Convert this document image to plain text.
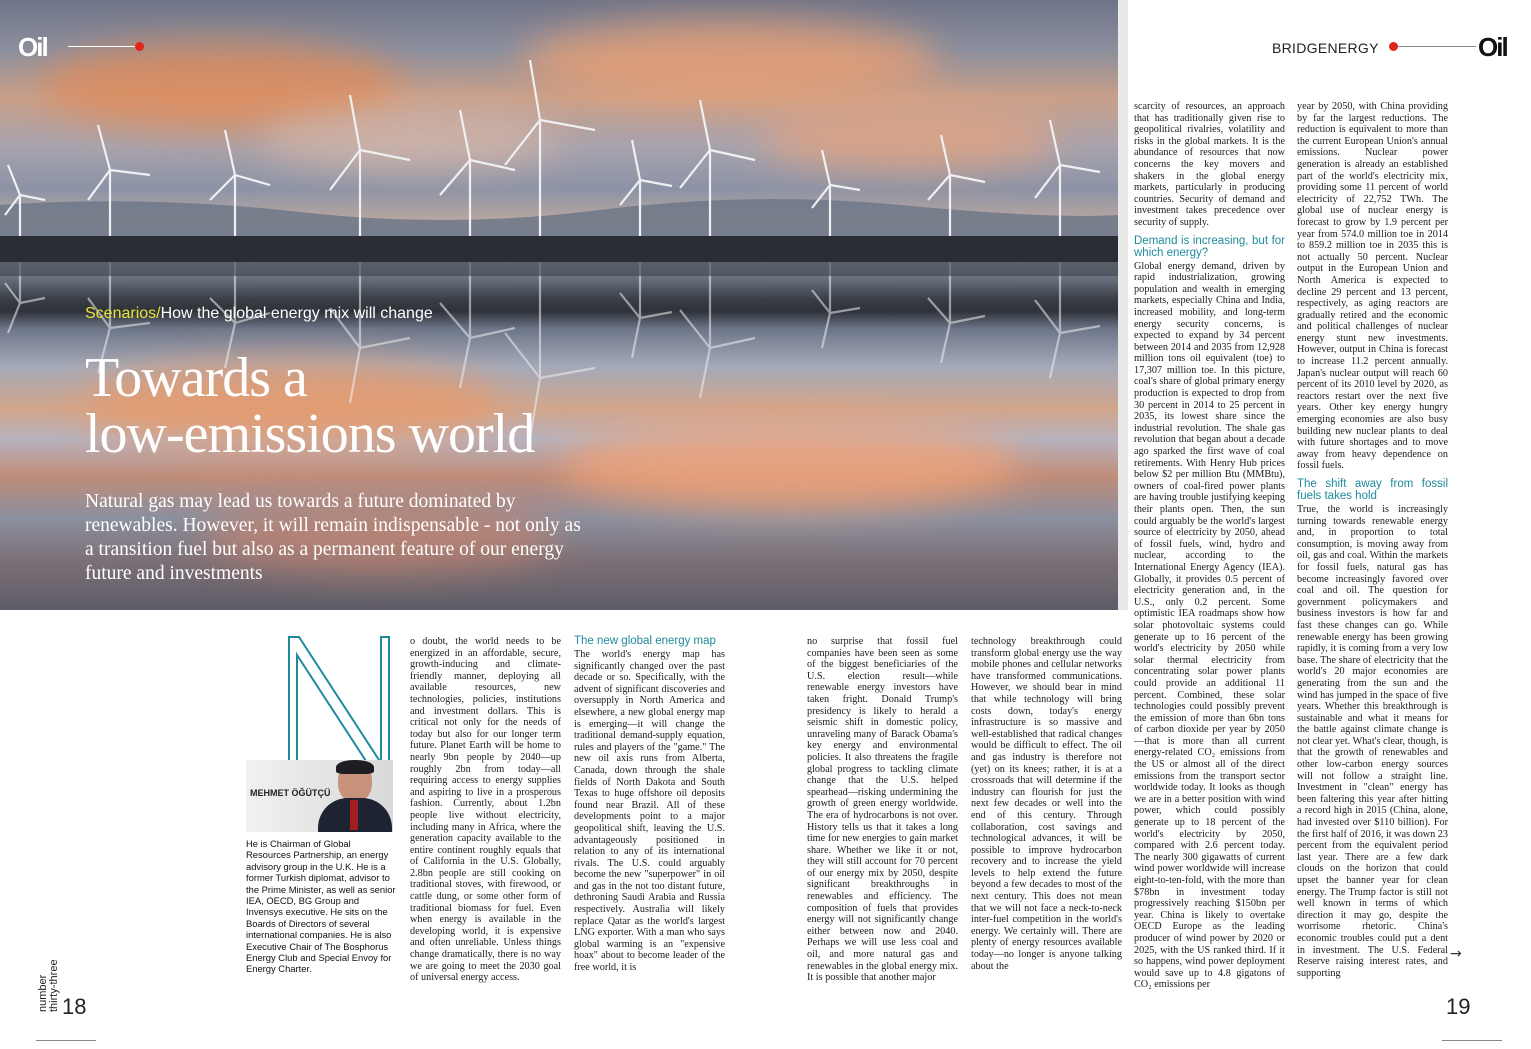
Scenarios/How the global energy mix will change
Towards a
low-emissions world
Natural gas may lead us towards a future dominated by renewables. However, it will remain indispensable - not only as a transition fuel but also as a permanent feature of our energy future and investments
Oil	BRIDGENERGY	Oil
MEHMET ÖĞÜTÇÜ
He is Chairman of Global Resources Partnership, an energy advisory group in the U.K. He is a former Turkish diplomat, advisor to the Prime Minister, as well as senior IEA, OECD, BG Group and Invensys executive. He sits on the Boards of Directors of several international companies. He is also Executive Chair of The Bosphorus Energy Club and Special Envoy for Energy Charter.

o doubt, the world needs to be energized in an affordable, secure, growth-inducing and climate-friendly manner, deploying all available resources, new technologies, policies, institutions and investment dollars. This is critical not only for the needs of today but also for our longer term future. Planet Earth will be home to nearly 9bn people by 2040—up roughly 2bn from today—all requiring access to energy supplies and aspiring to live in a prosperous fashion. Currently, about 1.2bn people live without electricity, including many in Africa, where the generation capacity available to the entire continent roughly equals that of California in the U.S. Globally, 2.8bn people are still cooking on traditional stoves, with firewood, or cattle dung, or some other form of traditional biomass for fuel. Even when energy is available in the developing world, it is expensive and often unreliable. Unless things change dramatically, there is no way we are going to meet the 2030 goal of universal energy access.

The new global energy map

The world's energy map has significantly changed over the past decade or so. Specifically, with the advent of significant discoveries and oversupply in North America and elsewhere, a new global energy map is emerging—it will change the traditional demand-supply equation, rules and players of the "game." The new oil axis runs from Alberta, Canada, down through the shale fields of North Dakota and South Texas to huge offshore oil deposits found near Brazil. All of these developments point to a major geopolitical shift, leaving the U.S. advantageously positioned in relation to any of its international rivals. The U.S. could arguably become the new "superpower" in oil and gas in the not too distant future, dethroning Saudi Arabia and Russia respectively. Australia will likely replace Qatar as the world's largest LNG exporter. With a man who says global warming is an "expensive hoax" about to become leader of the free world, it is

no surprise that fossil fuel companies have been seen as some of the biggest beneficiaries of the U.S. election result—while renewable energy investors have taken fright. Donald Trump's presidency is likely to herald a seismic shift in domestic policy, unraveling many of Barack Obama's key energy and environmental policies. It also threatens the fragile global progress to tackling climate change that the U.S. helped spearhead—risking undermining the growth of green energy worldwide. The era of hydrocarbons is not over. History tells us that it takes a long time for new energies to gain market share. Whether we like it or not, they will still account for 70 percent of our energy mix by 2050, despite significant breakthroughs in renewables and efficiency. The composition of fuels that provides energy will not significantly change either between now and 2040. Perhaps we will use less coal and oil, and more natural gas and renewables in the global energy mix. It is possible that another major

technology breakthrough could transform global energy use the way mobile phones and cellular networks have transformed communications. However, we should bear in mind that while technology will bring costs down, today's energy infrastructure is so massive and well-established that radical changes would be difficult to effect. The oil and gas industry is therefore not (yet) on its knees; rather, it is at a crossroads that will determine if the industry can flourish for just the next few decades or well into the end of this century. Through collaboration, cost savings and technological advances, it will be possible to improve hydrocarbon recovery and to increase the yield levels to help extend the future beyond a few decades to most of the next century. This does not mean that we will not face a neck-to-neck inter-fuel competition in the world's energy. We certainly will. There are plenty of energy resources available today—no longer is anyone talking about the

scarcity of resources, an approach that has traditionally given rise to geopolitical rivalries, volatility and risks in the global markets. It is the abundance of resources that now concerns the key movers and shakers in the global energy markets, particularly in producing countries. Security of demand and investment takes precedence over security of supply.

Demand is increasing, but for which energy?

Global energy demand, driven by rapid industrialization, growing population and wealth in emerging markets, especially China and India, increased mobility, and long-term energy security concerns, is expected to expand by 34 percent between 2014 and 2035 from 12,928 million tons oil equivalent (toe) to 17,307 million toe. In this picture, coal's share of global primary energy production is expected to drop from 30 percent in 2014 to 25 percent in 2035, its lowest share since the industrial revolution. The shale gas revolution that began about a decade ago sparked the first wave of coal retirements. With Henry Hub prices below $2 per million Btu (MMBtu), owners of coal-fired power plants are having trouble justifying keeping their plants open. Then, the sun could arguably be the world's largest source of electricity by 2050, ahead of fossil fuels, wind, hydro and nuclear, according to the International Energy Agency (IEA). Globally, it provides 0.5 percent of electricity generation and, in the U.S., only 0.2 percent. Some optimistic IEA roadmaps show how solar photovoltaic systems could generate up to 16 percent of the world's electricity by 2050 while solar thermal electricity from concentrating solar power plants could provide an additional 11 percent. Combined, these solar technologies could possibly prevent the emission of more than 6bn tons of carbon dioxide per year by 2050—that is more than all current energy-related CO₂ emissions from the US or almost all of the direct emissions from the transport sector worldwide today. It looks as though we are in a better position with wind power, which could possibly generate up to 18 percent of the world's electricity by 2050, compared with 2.6 percent today. The nearly 300 gigawatts of current wind power worldwide will increase eight-to-ten-fold, with the more than $78bn in investment today progressively reaching $150bn per year. China is likely to overtake OECD Europe as the leading producer of wind power by 2020 or 2025, with the US ranked third. If it so happens, wind power deployment would save up to 4.8 gigatons of CO₂ emissions per

year by 2050, with China providing by far the largest reductions. The reduction is equivalent to more than the current European Union's annual emissions. Nuclear power generation is already an established part of the world's electricity mix, providing some 11 percent of world electricity of 22,752 TWh. The global use of nuclear energy is forecast to grow by 1.9 percent per year from 574.0 million toe in 2014 to 859.2 million toe in 2035 this is not actually 50 percent. Nuclear output in the European Union and North America is expected to decline 29 percent and 13 percent, respectively, as aging reactors are gradually retired and the economic and political challenges of nuclear energy stunt new investments. However, output in China is forecast to increase 11.2 percent annually. Japan's nuclear output will reach 60 percent of its 2010 level by 2020, as reactors restart over the next five years. Other key energy hungry emerging economies are also busy building new nuclear plants to deal with future shortages and to move away from heavy dependence on fossil fuels.

The shift away from fossil fuels takes hold

True, the world is increasingly turning towards renewable energy and, in proportion to total consumption, is moving away from oil, gas and coal. Within the markets for fossil fuels, natural gas has become increasingly favored over coal and oil. The question for government policymakers and business investors is how far and fast these changes can go. While renewable energy has been growing rapidly, it is coming from a very low base. The share of electricity that the world's 20 major economies are generating from the sun and the wind has jumped in the space of five years. Whether this breakthrough is sustainable and what it means for the battle against climate change is not clear yet. What's clear, though, is that the growth of renewables and other low-carbon energy sources will not follow a straight line. Investment in "clean" energy has been faltering this year after hitting a record high in 2015 (China, alone, had invested over $110 billion). For the first half of 2016, it was down 23 percent from the equivalent period last year. There are a few dark clouds on the horizon that could upset the banner year for clean energy. The Trump factor is still not well known in terms of which direction it may go, despite the worrisome rhetoric. China's economic troubles could put a dent in investment. The U.S. Federal Reserve raising interest rates, and supporting

→
number thirty-three 18	19
